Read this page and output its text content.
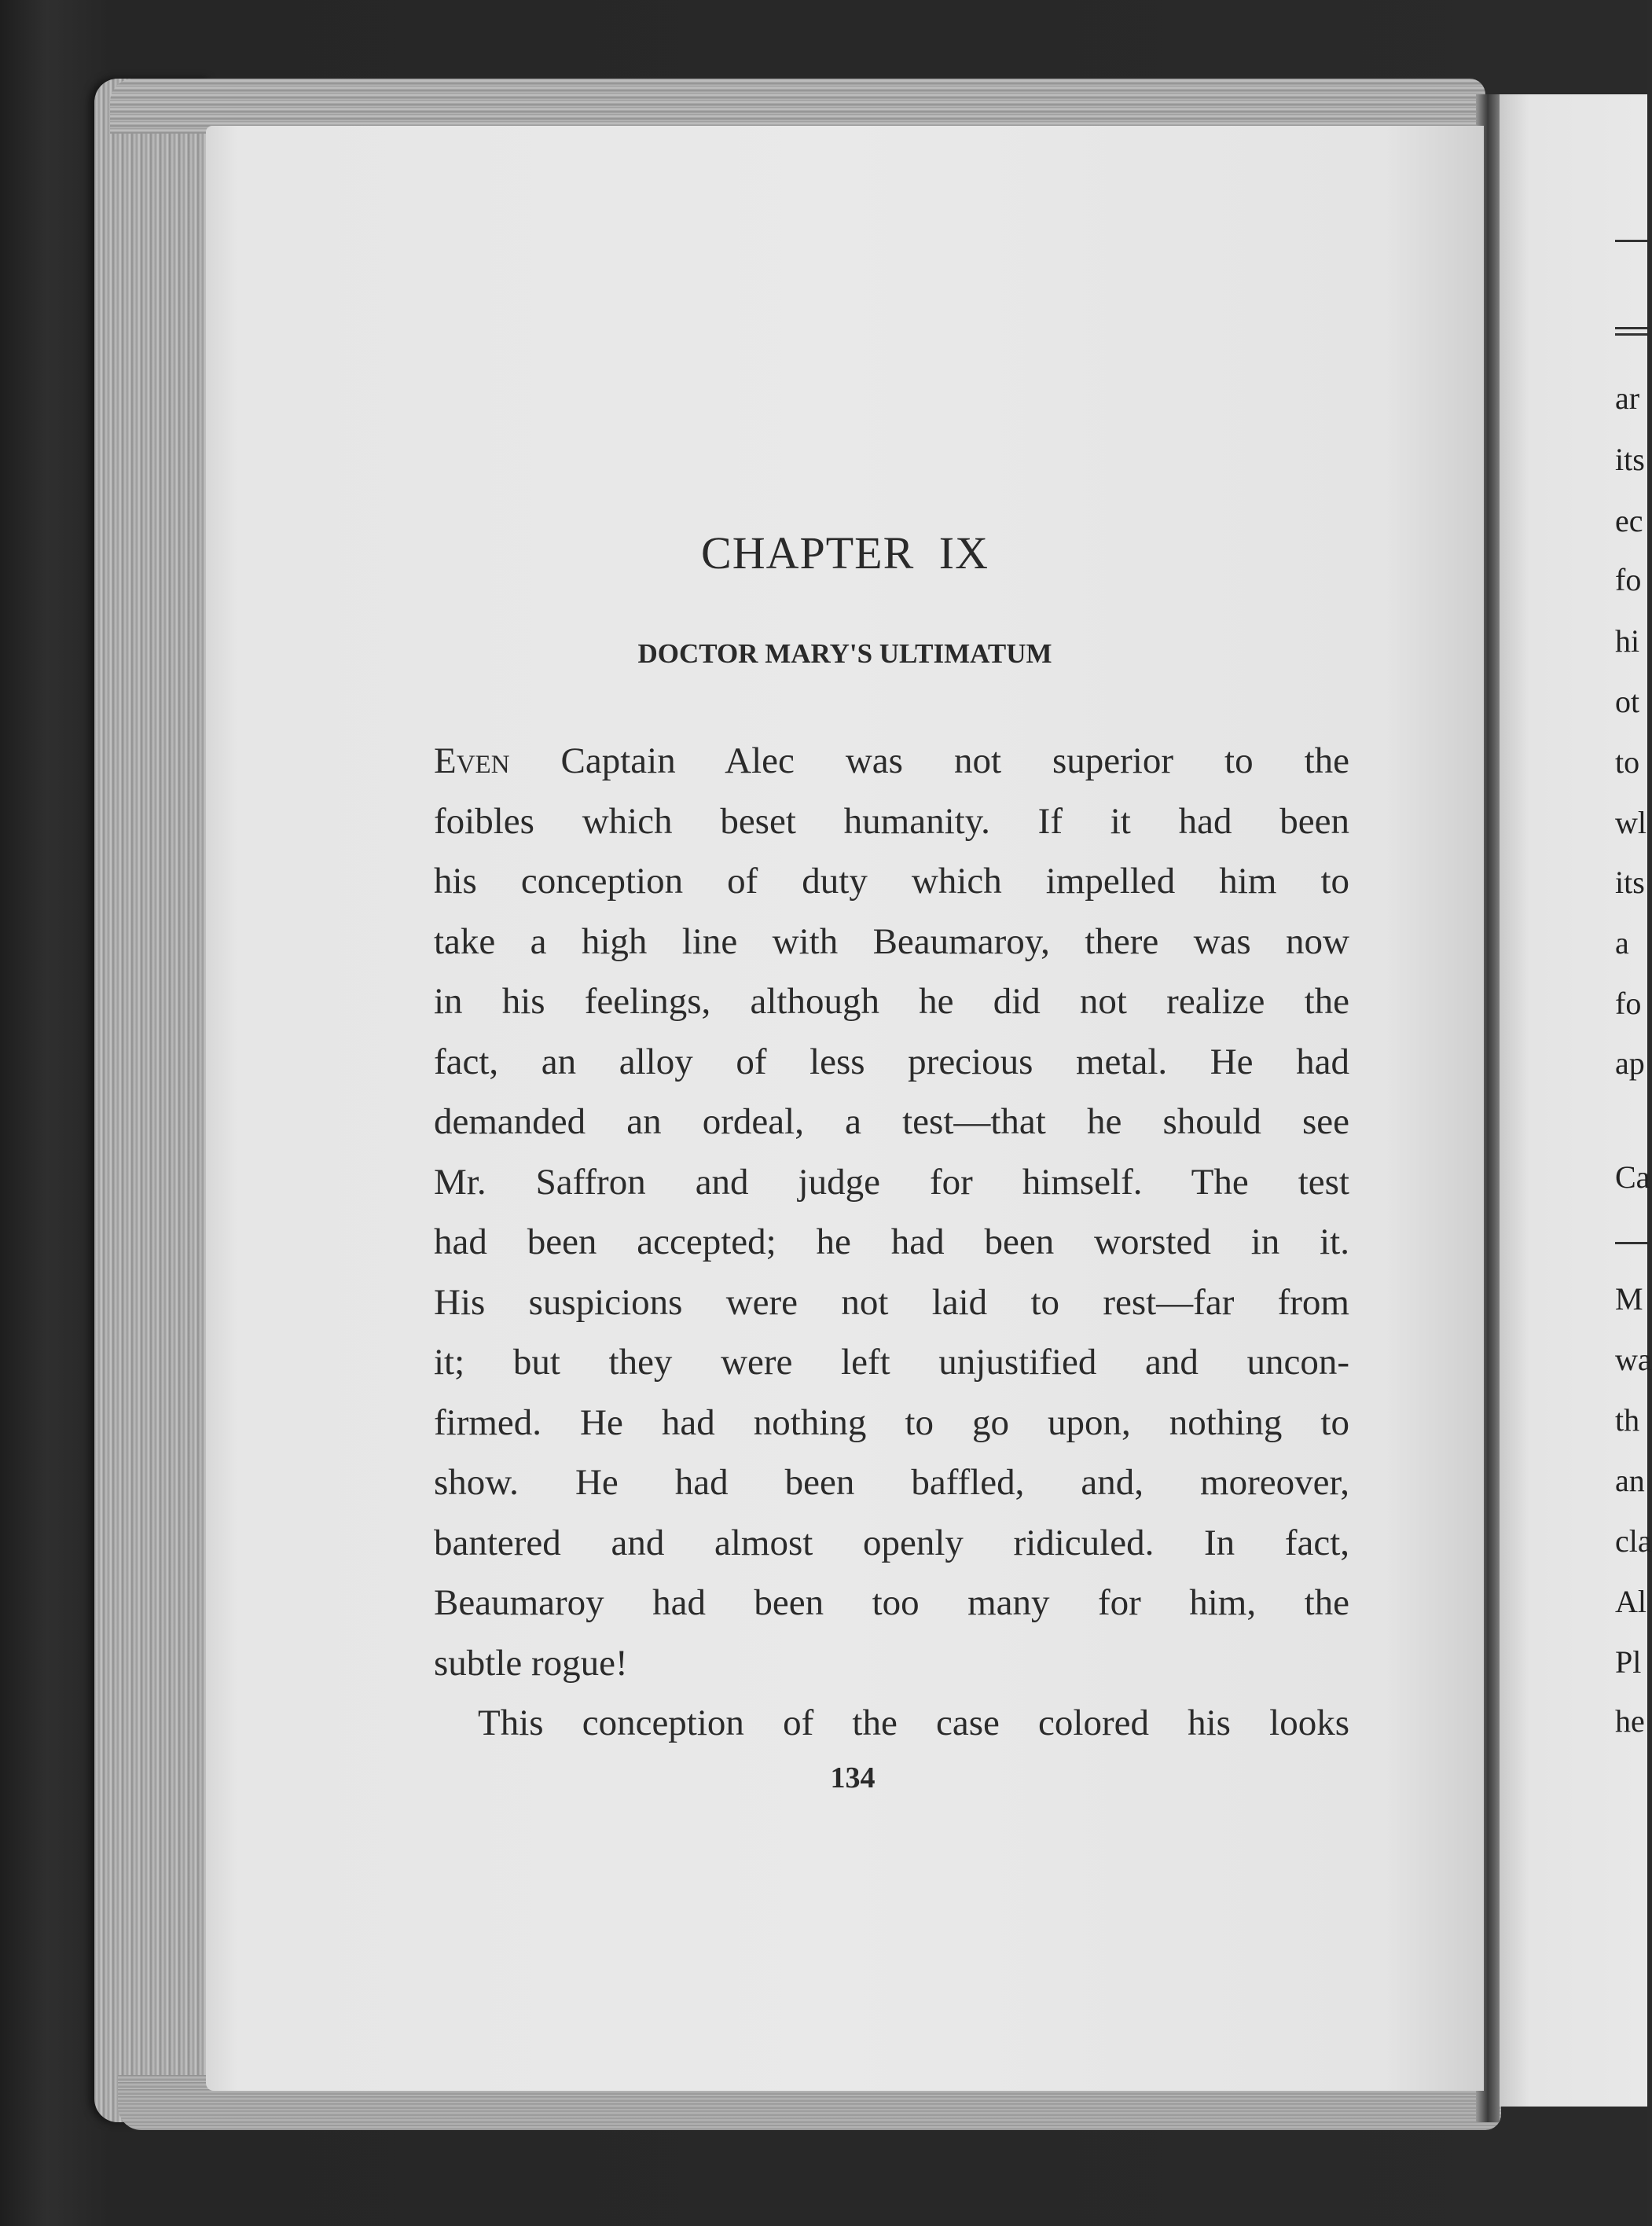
CHAPTER IX
DOCTOR MARY'S ULTIMATUM
Even Captain Alec was not superior to the
foibles which beset humanity. If it had been
his conception of duty which impelled him to
take a high line with Beaumaroy, there was now
in his feelings, although he did not realize the
fact, an alloy of less precious metal. He had
demanded an ordeal, a test—that he should see
Mr. Saffron and judge for himself. The test
had been accepted; he had been worsted in it.
His suspicions were not laid to rest—far from
it; but they were left unjustified and uncon-
firmed. He had nothing to go upon, nothing to
show. He had been baffled, and, moreover,
bantered and almost openly ridiculed. In fact,
Beaumaroy had been too many for him, the
subtle rogue!
This conception of the case colored his looks
134
ar
its
ec
fo
hi
ot
to
wl
its
a
fo
ap
Ca
M
wa
th
an
cla
Al
Pl
he
